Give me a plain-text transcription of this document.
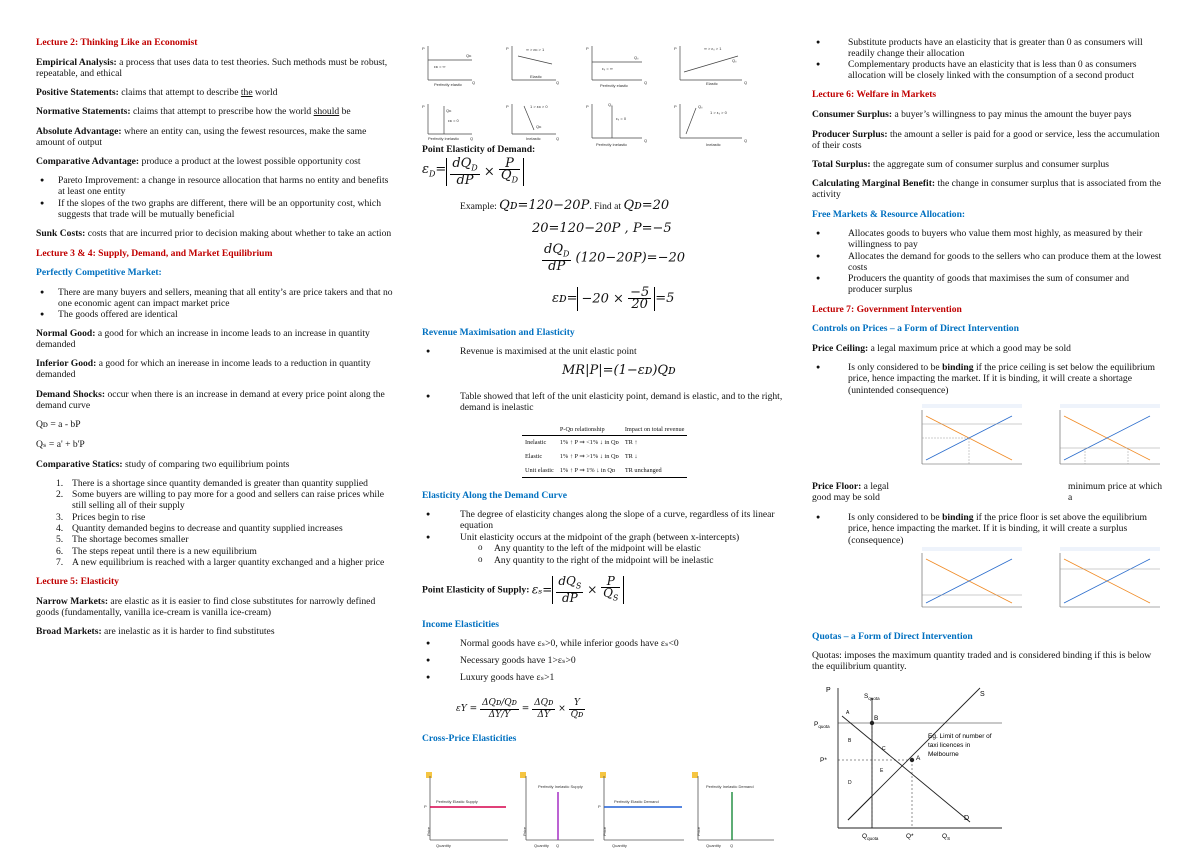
Lecture 2: Thinking Like an Economist
Empirical Analysis: a process that uses data to test theories. Such methods must be robust, repeatable, and ethical
Positive Statements: claims that attempt to describe the world
Normative Statements: claims that attempt to prescribe how the world should be
Absolute Advantage: where an entity can, using the fewest resources, make the same amount of output
Comparative Advantage: produce a product at the lowest possible opportunity cost
● Pareto Improvement: a change in resource allocation that harms no entity and benefits at least one entity
● If the slopes of the two graphs are different, there will be an opportunity cost, which suggests that trade will be mutually beneficial
Sunk Costs: costs that are incurred prior to decision making about whether to take an action
Lecture 3 & 4: Supply, Demand, and Market Equilibrium
Perfectly Competitive Market:
● There are many buyers and sellers, meaning that all entity’s are price takers and that no one economic agent can impact market price
● The goods offered are identical
Normal Good: a good for which an increase in income leads to an increase in quantity demanded
Inferior Good: a good for which an inerease in income leads to a reduction in quantity demanded
Demand Shocks: occur when there is an increase in demand at every price point along the demand curve
Qᴅ = a - bP
Qₛ = a' + b'P
Comparative Statics: study of comparing two equilibrium points
1. There is a shortage since quantity demanded is greater than quantity supplied
2. Some buyers are willing to pay more for a good and sellers can raise prices while still selling all of their supply
3. Prices begin to rise
4. Quantity demanded begins to decrease and quantity supplied increases
5. The shortage becomes smaller
6. The steps repeat until there is a new equilibrium
7. A new equilibrium is reached with a larger quantity exchanged and a higher price
Lecture 5: Elasticity
Narrow Markets: are elastic as it is easier to find close substitutes for narrowly defined goods (fundamentally, vanilla ice-cream is vanilla ice-cream)
Broad Markets: are inelastic as it is harder to find substitutes
P
Qᴅ
εᴅ = ∞
Perfectly elastic Q
P	∞ > εᴅ > 1
Elastic
Q
P
Qₛ
εₛ = ∞
Perfectly elastic
Q
P	∞ > εₛ > 1
Qₛ
Elastic	Q
P
Qᴅ
εᴅ = 0
Perfectly inelastic	Q
P	1 > εᴅ > 0
Qᴅ
Inelastic	Q
P	Qₛ
εₛ = 0
Perfectly inelastic
Q
P
1 > εₛ > 0
Qₛ
Inelastic
Q
Point Elasticity of Demand:
$\varepsilon_D= \frac{dQ_D}{dP} \times \frac{P}{Q_D}$
Example: Qᴅ=120−20P. Find at Qᴅ=20
20=120−20P , P=−5
$\frac{dQ_D}{dP} (120-20P)=-20$
εᴅ= $-20 \times \frac{-5}{20} =5$
Revenue Maximisation and Elasticity
● Revenue is maximised at the unit elastic point
MR|P|=(1−εᴅ)Qᴅ
● Table showed that left of the unit elasticity point, demand is elastic, and to the right, demand is inelastic
	P-Qᴅ relationship	Impact on total revenue
Inelastic	1% ↑ P ⇒ <1% ↓ in Qᴅ	TR ↑
Elastic	1% ↑ P ⇒ >1% ↓ in Qᴅ	TR ↓
Unit elastic	1% ↑ P ⇒ 1% ↓ in Qᴅ	TR unchanged
Elasticity Along the Demand Curve
● The degree of elasticity changes along the slope of a curve, regardless of its linear equation
● Unit elasticity occurs at the midpoint of the graph (between x-intercepts)
o Any quantity to the left of the midpoint will be elastic
o Any quantity to the right of the midpoint will be inelastic
Point Elasticity of Supply: $\varepsilon_s= \frac{dQ_S}{dP} \times \frac{P}{Q_S}$
Income Elasticities
● Normal goods have εₛ>0, while inferior goods have εₛ<0
● Necessary goods have 1>εₛ>0
● Luxury goods have εₛ>1
$\varepsilon Y = \frac{\text{ΔQᴅ/Qᴅ}}{\Delta Y/Y} = \frac{\text{ΔQᴅ}}{\Delta Y} \times \frac{Y}{\text{Qᴅ}}$
Cross-Price Elasticities
Perfectly Elastic Supply
P
Price
Quantity
Perfectly Inelastic Supply
Price
Quantity Q
Perfectly Elastic Demand
P
Price
Quantity
Perfectly Inelastic Demand
Price
Quantity Q
● Substitute products have an elasticity that is greater than 0 as consumers will readily change their allocation
● Complementary products have an elasticity that is less than 0 as consumers allocation will be closely linked with the consumption of a second product
Lecture 6: Welfare in Markets
Consumer Surplus: a buyer’s willingness to pay minus the amount the buyer pays
Producer Surplus: the amount a seller is paid for a good or service, less the accumulation of their costs
Total Surplus: the aggregate sum of consumer surplus and consumer surplus
Calculating Marginal Benefit: the change in consumer surplus that is associated from the activity
Free Markets & Resource Allocation:
● Allocates goods to buyers who value them most highly, as measured by their willingness to pay
● Allocates the demand for goods to the sellers who can produce them at the lowest costs
● Producers the quantity of goods that maximises the sum of consumer and producer surplus
Lecture 7: Government Intervention
Controls on Prices – a Form of Direct Intervention
Price Ceiling: a legal maximum price at which a good may be sold
● Is only considered to be binding if the price ceiling is set below the equilibrium price, hence impacting the market. If it is binding, it will create a shortage (unintended consequence)
Price Floor: a legal	minimum price at which a
good may be sold
● Is only considered to be binding if the price floor is set above the equilibrium price, hence impacting the market. If it is binding, it will create a surplus (consequence)
Quotas – a Form of Direct Intervention
Quotas: imposes the maximum quantity traded and is considered binding if this is below the equilibrium quantity.
P
S
$S_{quota}$
D
$P_{quota}$
P*
A
B
A
B
C
E
D
$Q_{quota}$	Q*	$Q_S$
Eg. Limit of number of
taxi licences in
Melbourne
